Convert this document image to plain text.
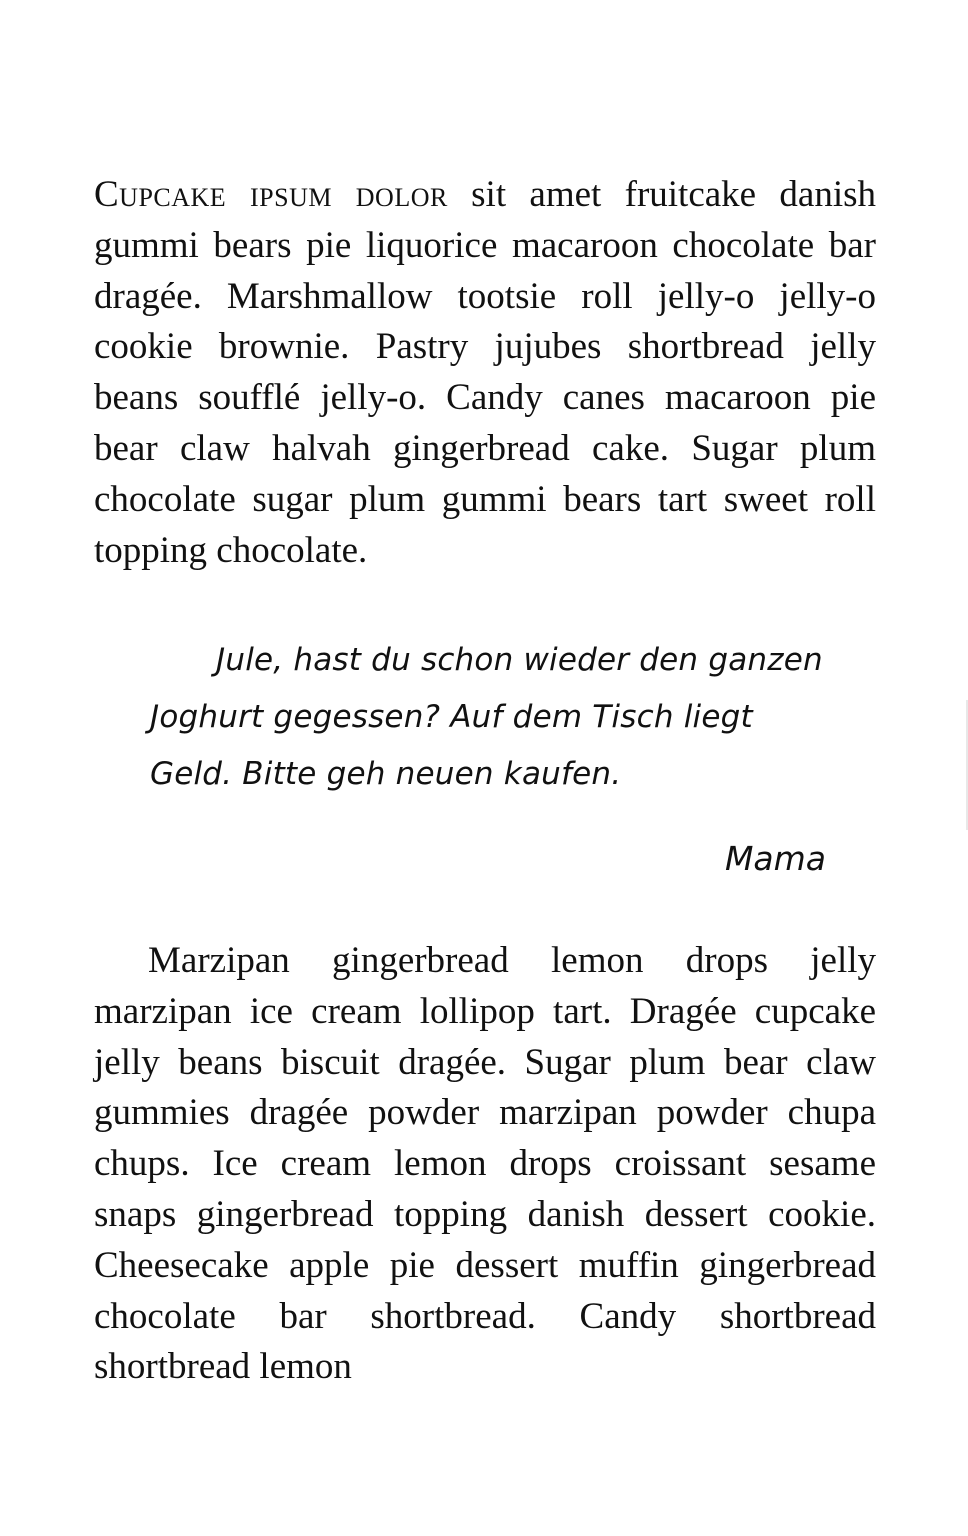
Cupcake ipsum dolor sit amet fruitcake danish gummi bears pie liquorice macaroon chocolate bar dragée. Marshmallow tootsie roll jelly-o jelly-o cookie brownie. Pastry jujubes shortbread jelly beans soufflé jelly-o. Candy canes macaroon pie bear claw halvah gingerbread cake. Sugar plum chocolate sugar plum gummi bears tart sweet roll topping chocolate.

Jule, hast du schon wieder den ganzen Joghurt gegessen? Auf dem Tisch liegt Geld. Bitte geh neuen kaufen.

Mama

Marzipan gingerbread lemon drops jelly marzipan ice cream lollipop tart. Dragée cupcake jelly beans biscuit dragée. Sugar plum bear claw gummies dragée powder marzipan powder chupa chups. Ice cream lemon drops croissant sesame snaps gingerbread topping danish dessert cookie. Cheesecake apple pie dessert muffin gingerbread chocolate bar shortbread. Candy shortbread shortbread lemon
